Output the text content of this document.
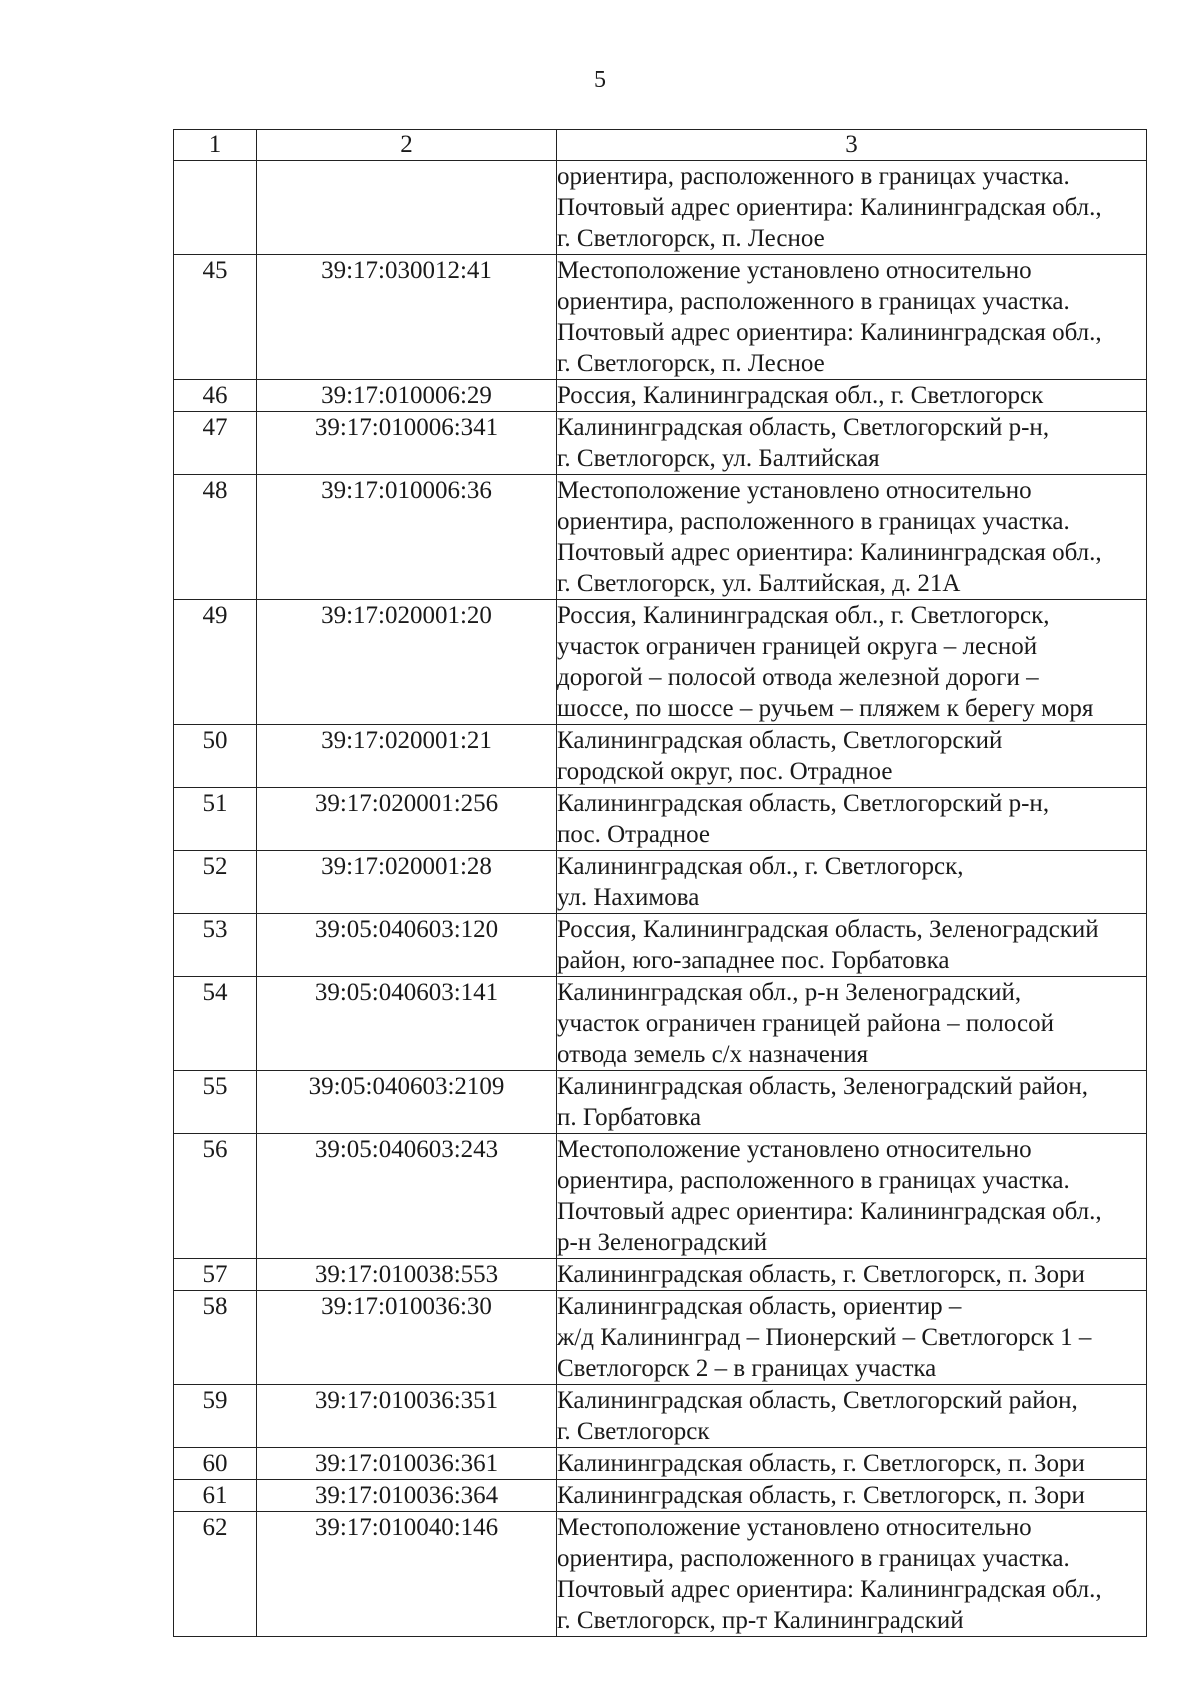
5
1	2	3
		ориентира, расположенного в границах участка.
Почтовый адрес ориентира: Калининградская обл.,
г. Светлогорск, п. Лесное
45	39:17:030012:41	Местоположение установлено относительно
ориентира, расположенного в границах участка.
Почтовый адрес ориентира: Калининградская обл.,
г. Светлогорск, п. Лесное
46	39:17:010006:29	Россия, Калининградская обл., г. Светлогорск
47	39:17:010006:341	Калининградская область, Светлогорский р-н,
г. Светлогорск, ул. Балтийская
48	39:17:010006:36	Местоположение установлено относительно
ориентира, расположенного в границах участка.
Почтовый адрес ориентира: Калининградская обл.,
г. Светлогорск, ул. Балтийская, д. 21А
49	39:17:020001:20	Россия, Калининградская обл., г. Светлогорск,
участок ограничен границей округа – лесной
дорогой – полосой отвода железной дороги –
шоссе, по шоссе – ручьем – пляжем к берегу моря
50	39:17:020001:21	Калининградская область, Светлогорский
городской округ, пос. Отрадное
51	39:17:020001:256	Калининградская область, Светлогорский р-н,
пос. Отрадное
52	39:17:020001:28	Калининградская обл., г. Светлогорск,
ул. Нахимова
53	39:05:040603:120	Россия, Калининградская область, Зеленоградский
район, юго-западнее пос. Горбатовка
54	39:05:040603:141	Калининградская обл., р-н Зеленоградский,
участок ограничен границей района – полосой
отвода земель с/х назначения
55	39:05:040603:2109	Калининградская область, Зеленоградский район,
п. Горбатовка
56	39:05:040603:243	Местоположение установлено относительно
ориентира, расположенного в границах участка.
Почтовый адрес ориентира: Калининградская обл.,
р-н Зеленоградский
57	39:17:010038:553	Калининградская область, г. Светлогорск, п. Зори
58	39:17:010036:30	Калининградская область, ориентир –
ж/д Калининград – Пионерский – Светлогорск 1 –
Светлогорск 2 – в границах участка
59	39:17:010036:351	Калининградская область, Светлогорский район,
г. Светлогорск
60	39:17:010036:361	Калининградская область, г. Светлогорск, п. Зори
61	39:17:010036:364	Калининградская область, г. Светлогорск, п. Зори
62	39:17:010040:146	Местоположение установлено относительно
ориентира, расположенного в границах участка.
Почтовый адрес ориентира: Калининградская обл.,
г. Светлогорск, пр-т Калининградский
